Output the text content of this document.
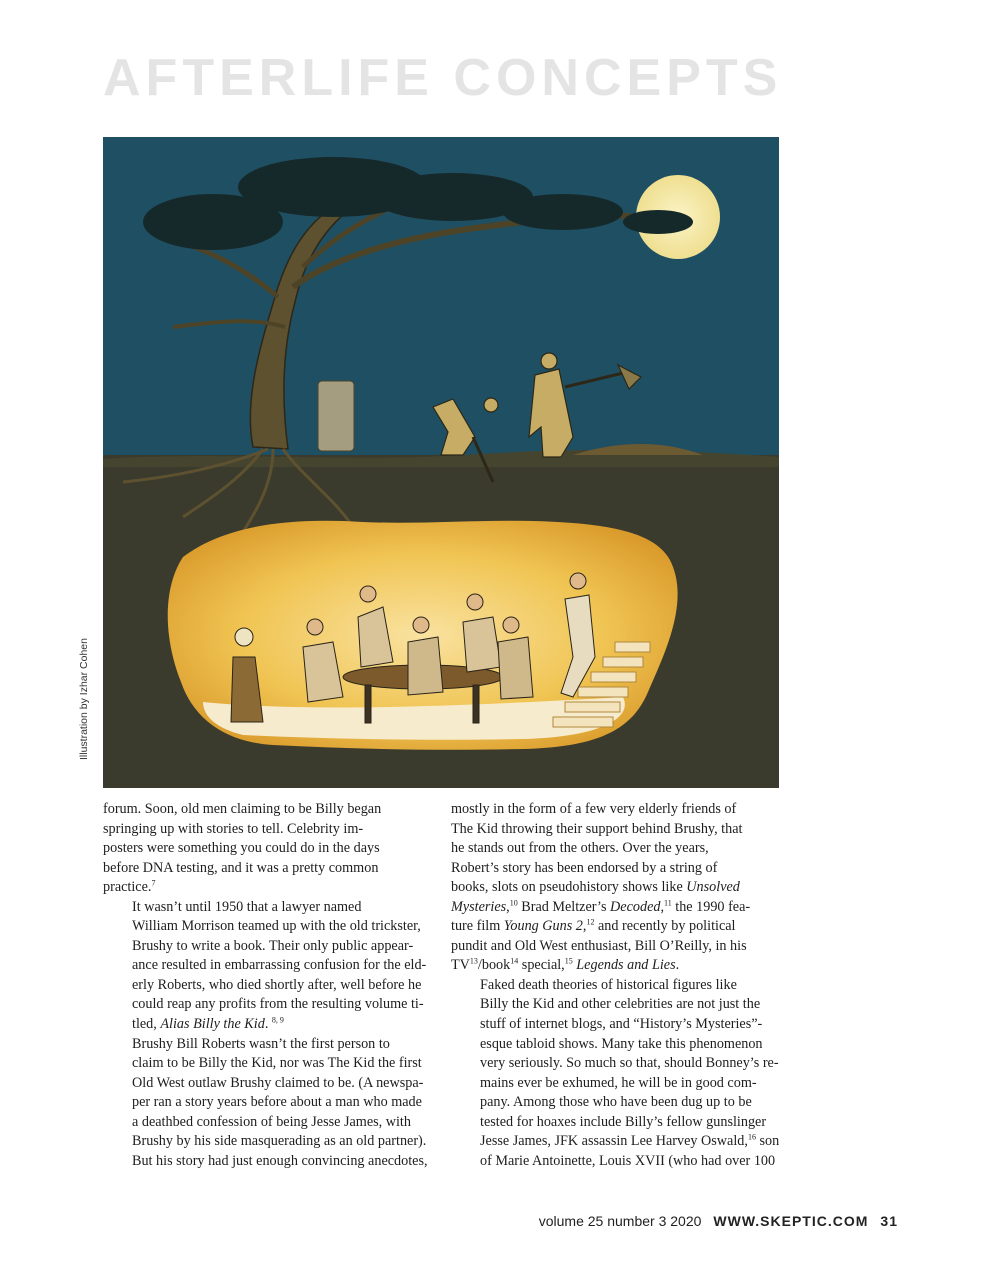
AFTERLIFE CONCEPTS
Illustration by Izhar Cohen

forum. Soon, old men claiming to be Billy began
springing up with stories to tell. Celebrity im-
posters were something you could do in the days
before DNA testing, and it was a pretty common
practice.$^7$

It wasn’t until 1950 that a lawyer named
William Morrison teamed up with the old trickster,
Brushy to write a book. Their only public appear-
ance resulted in embarrassing confusion for the eld-
erly Roberts, who died shortly after, well before he
could reap any profits from the resulting volume ti-
tled, Alias Billy the Kid. $^{8, 9}$

Brushy Bill Roberts wasn’t the first person to
claim to be Billy the Kid, nor was The Kid the first
Old West outlaw Brushy claimed to be. (A newspa-
per ran a story years before about a man who made
a deathbed confession of being Jesse James, with
Brushy by his side masquerading as an old partner).
But his story had just enough convincing anecdotes,

mostly in the form of a few very elderly friends of
The Kid throwing their support behind Brushy, that
he stands out from the others. Over the years,
Robert’s story has been endorsed by a string of
books, slots on pseudohistory shows like Unsolved
Mysteries,$^{10}$ Brad Meltzer’s Decoded,$^{11}$ the 1990 fea-
ture film Young Guns 2,12 and recently by political
pundit and Old West enthusiast, Bill O’Reilly, in his
TV$^{13}$/book$^{14}$ special,$^{15}$ Legends and Lies.

Faked death theories of historical figures like
Billy the Kid and other celebrities are not just the
stuff of internet blogs, and “History’s Mysteries”-
esque tabloid shows. Many take this phenomenon
very seriously. So much so that, should Bonney’s re-
mains ever be exhumed, he will be in good com-
pany. Among those who have been dug up to be
tested for hoaxes include Billy’s fellow gunslinger
Jesse James, JFK assassin Lee Harvey Oswald,$^{16}$ son
of Marie Antoinette, Louis XVII (who had over 100

volume 25 number 3 2020 WWW.SKEPTIC.COM 31
